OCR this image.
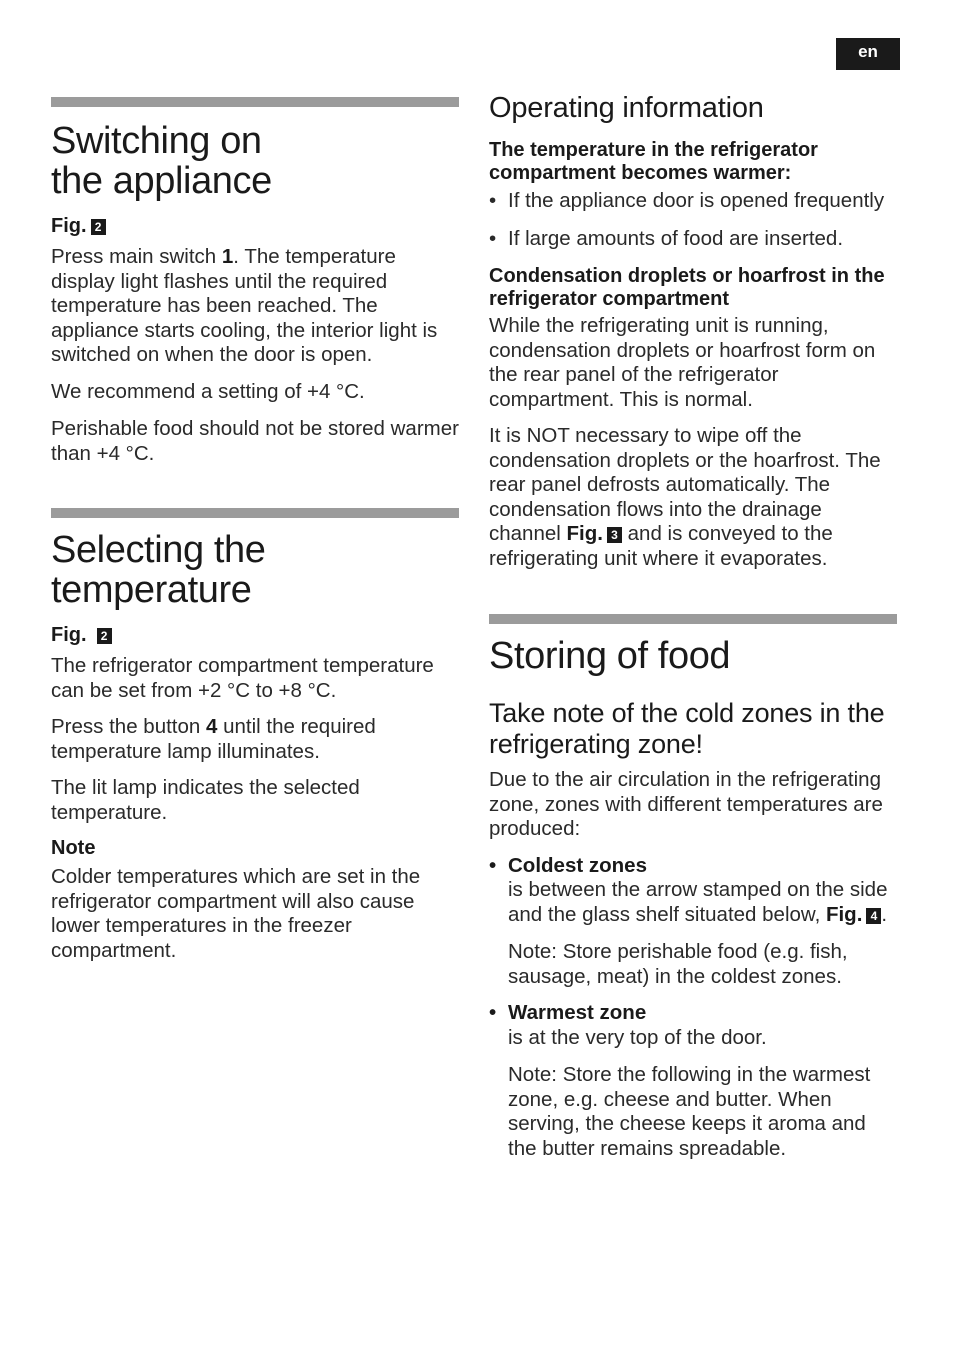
en
Switching on
the appliance
Fig. 2

Press main switch 1. The temperature display light flashes until the required temperature has been reached. The appliance starts cooling, the interior light is switched on when the door is open.

We recommend a setting of +4 °C.

Perishable food should not be stored warmer than +4 °C.

Selecting the
temperature
Fig. 2

The refrigerator compartment temperature can be set from +2 °C to +8 °C.

Press the button 4 until the required temperature lamp illuminates.

The lit lamp indicates the selected temperature.

Note

Colder temperatures which are set in the refrigerator compartment will also cause lower temperatures in the freezer compartment.

Operating information
The temperature in the refrigerator compartment becomes warmer:

• If the appliance door is opened frequently

• If large amounts of food are inserted.

Condensation droplets or hoarfrost in the refrigerator compartment

While the refrigerating unit is running, condensation droplets or hoarfrost form on the rear panel of the refrigerator compartment. This is normal.

It is NOT necessary to wipe off the condensation droplets or the hoarfrost. The rear panel defrosts automatically. The condensation flows into the drainage channel Fig. 3 and is conveyed to the refrigerating unit where it evaporates.

Storing of food
Take note of the cold zones in the refrigerating zone!

Due to the air circulation in the refrigerating zone, zones with different temperatures are produced:

• Coldest zones

is between the arrow stamped on the side and the glass shelf situated below, Fig. 4 .

Note: Store perishable food (e.g. fish, sausage, meat) in the coldest zones.

• Warmest zone

is at the very top of the door.

Note: Store the following in the warmest zone, e.g. cheese and butter. When serving, the cheese keeps it aroma and the butter remains spreadable.
